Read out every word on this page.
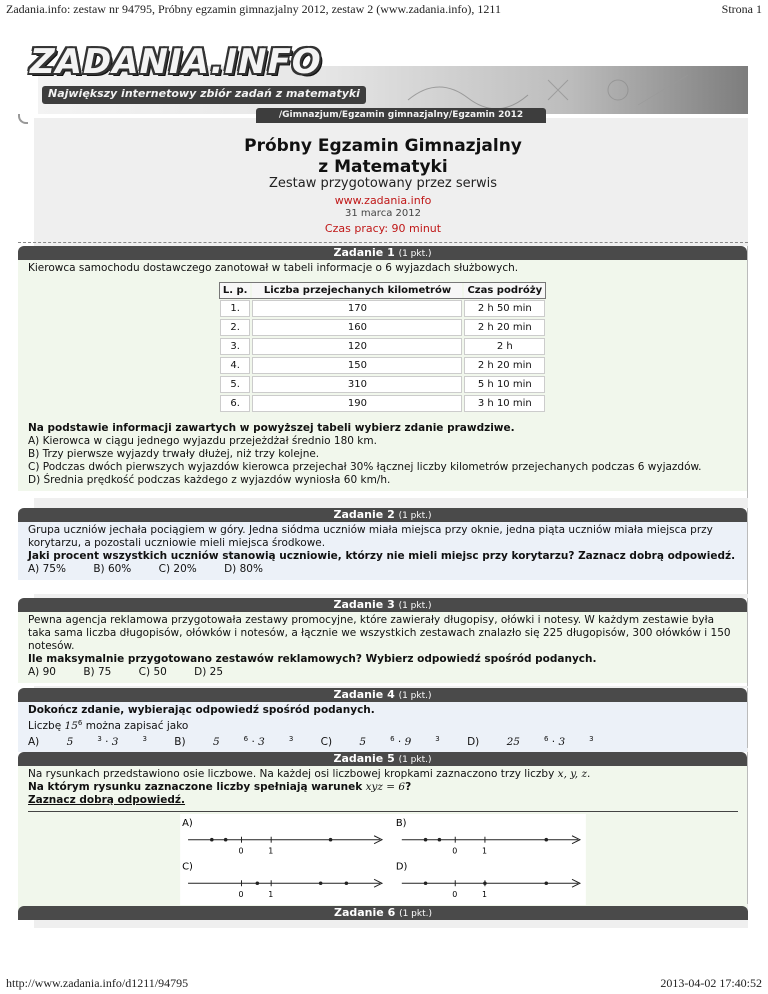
Zadania.info: zestaw nr 94795, Próbny egzamin gimnazjalny 2012, zestaw 2 (www.zadania.info), 1211	Strona 1
ZADANIA.INFO
Największy internetowy zbiór zadań z matematyki
/Gimnazjum/Egzamin gimnazjalny/Egzamin 2012
Próbny Egzamin Gimnazjalny
z Matematyki
Zestaw przygotowany przez serwis
www.zadania.info
31 marca 2012
Czas pracy: 90 minut
Zadanie 1 (1 pkt.)
Kierowca samochodu dostawczego zanotował w tabeli informacje o 6 wyjazdach służbowych.
L. p.	Liczba przejechanych kilometrów	Czas podróży
1.	170	2 h 50 min
2.	160	2 h 20 min
3.	120	2 h
4.	150	2 h 20 min
5.	310	5 h 10 min
6.	190	3 h 10 min
Na podstawie informacji zawartych w powyższej tabeli wybierz zdanie prawdziwe.
A) Kierowca w ciągu jednego wyjazdu przejeżdżał średnio 180 km.
B) Trzy pierwsze wyjazdy trwały dłużej, niż trzy kolejne.
C) Podczas dwóch pierwszych wyjazdów kierowca przejechał 30% łącznej liczby kilometrów przejechanych podczas 6 wyjazdów.
D) Średnia prędkość podczas każdego z wyjazdów wyniosła 60 km/h.
Zadanie 2 (1 pkt.)
Grupa uczniów jechała pociągiem w góry. Jedna siódma uczniów miała miejsca przy oknie, jedna piąta uczniów miała miejsca przy korytarzu, a pozostali uczniowie mieli miejsca środkowe.
Jaki procent wszystkich uczniów stanowią uczniowie, którzy nie mieli miejsc przy korytarzu? Zaznacz dobrą odpowiedź.
A) 75%	B) 60%	C) 20%	D) 80%
Zadanie 3 (1 pkt.)
Pewna agencja reklamowa przygotowała zestawy promocyjne, które zawierały długopisy, ołówki i notesy. W każdym zestawie była taka sama liczba długopisów, ołówków i notesów, a łącznie we wszystkich zestawach znalazło się 225 długopisów, 300 ołówków i 150 notesów.
Ile maksymalnie przygotowano zestawów reklamowych? Wybierz odpowiedź spośród podanych.
A) 90	B) 75	C) 50	D) 25
Zadanie 4 (1 pkt.)
Dokończ zdanie, wybierając odpowiedź spośród podanych.
Liczbę $15^6$ można zapisać jako
A)	5	$^3$ · 3	$^3$	B)	5	$^6$ · 3	$^3$	C)	5	$^6$ · 9	$^3$	D)	25	$^6$ · 3	$^3$
Zadanie 5 (1 pkt.)
Na rysunkach przedstawiono osie liczbowe. Na każdej osi liczbowej kropkami zaznaczono trzy liczby x, y, z.
Na którym rysunku zaznaczone liczby spełniają warunek xyz = 6?
Zaznacz dobrą odpowiedź.
A)
0	1
B)
0	1
C)
0	1
D)
0	1
Zadanie 6 (1 pkt.)
http://www.zadania.info/d1211/94795	2013-04-02 17:40:52
